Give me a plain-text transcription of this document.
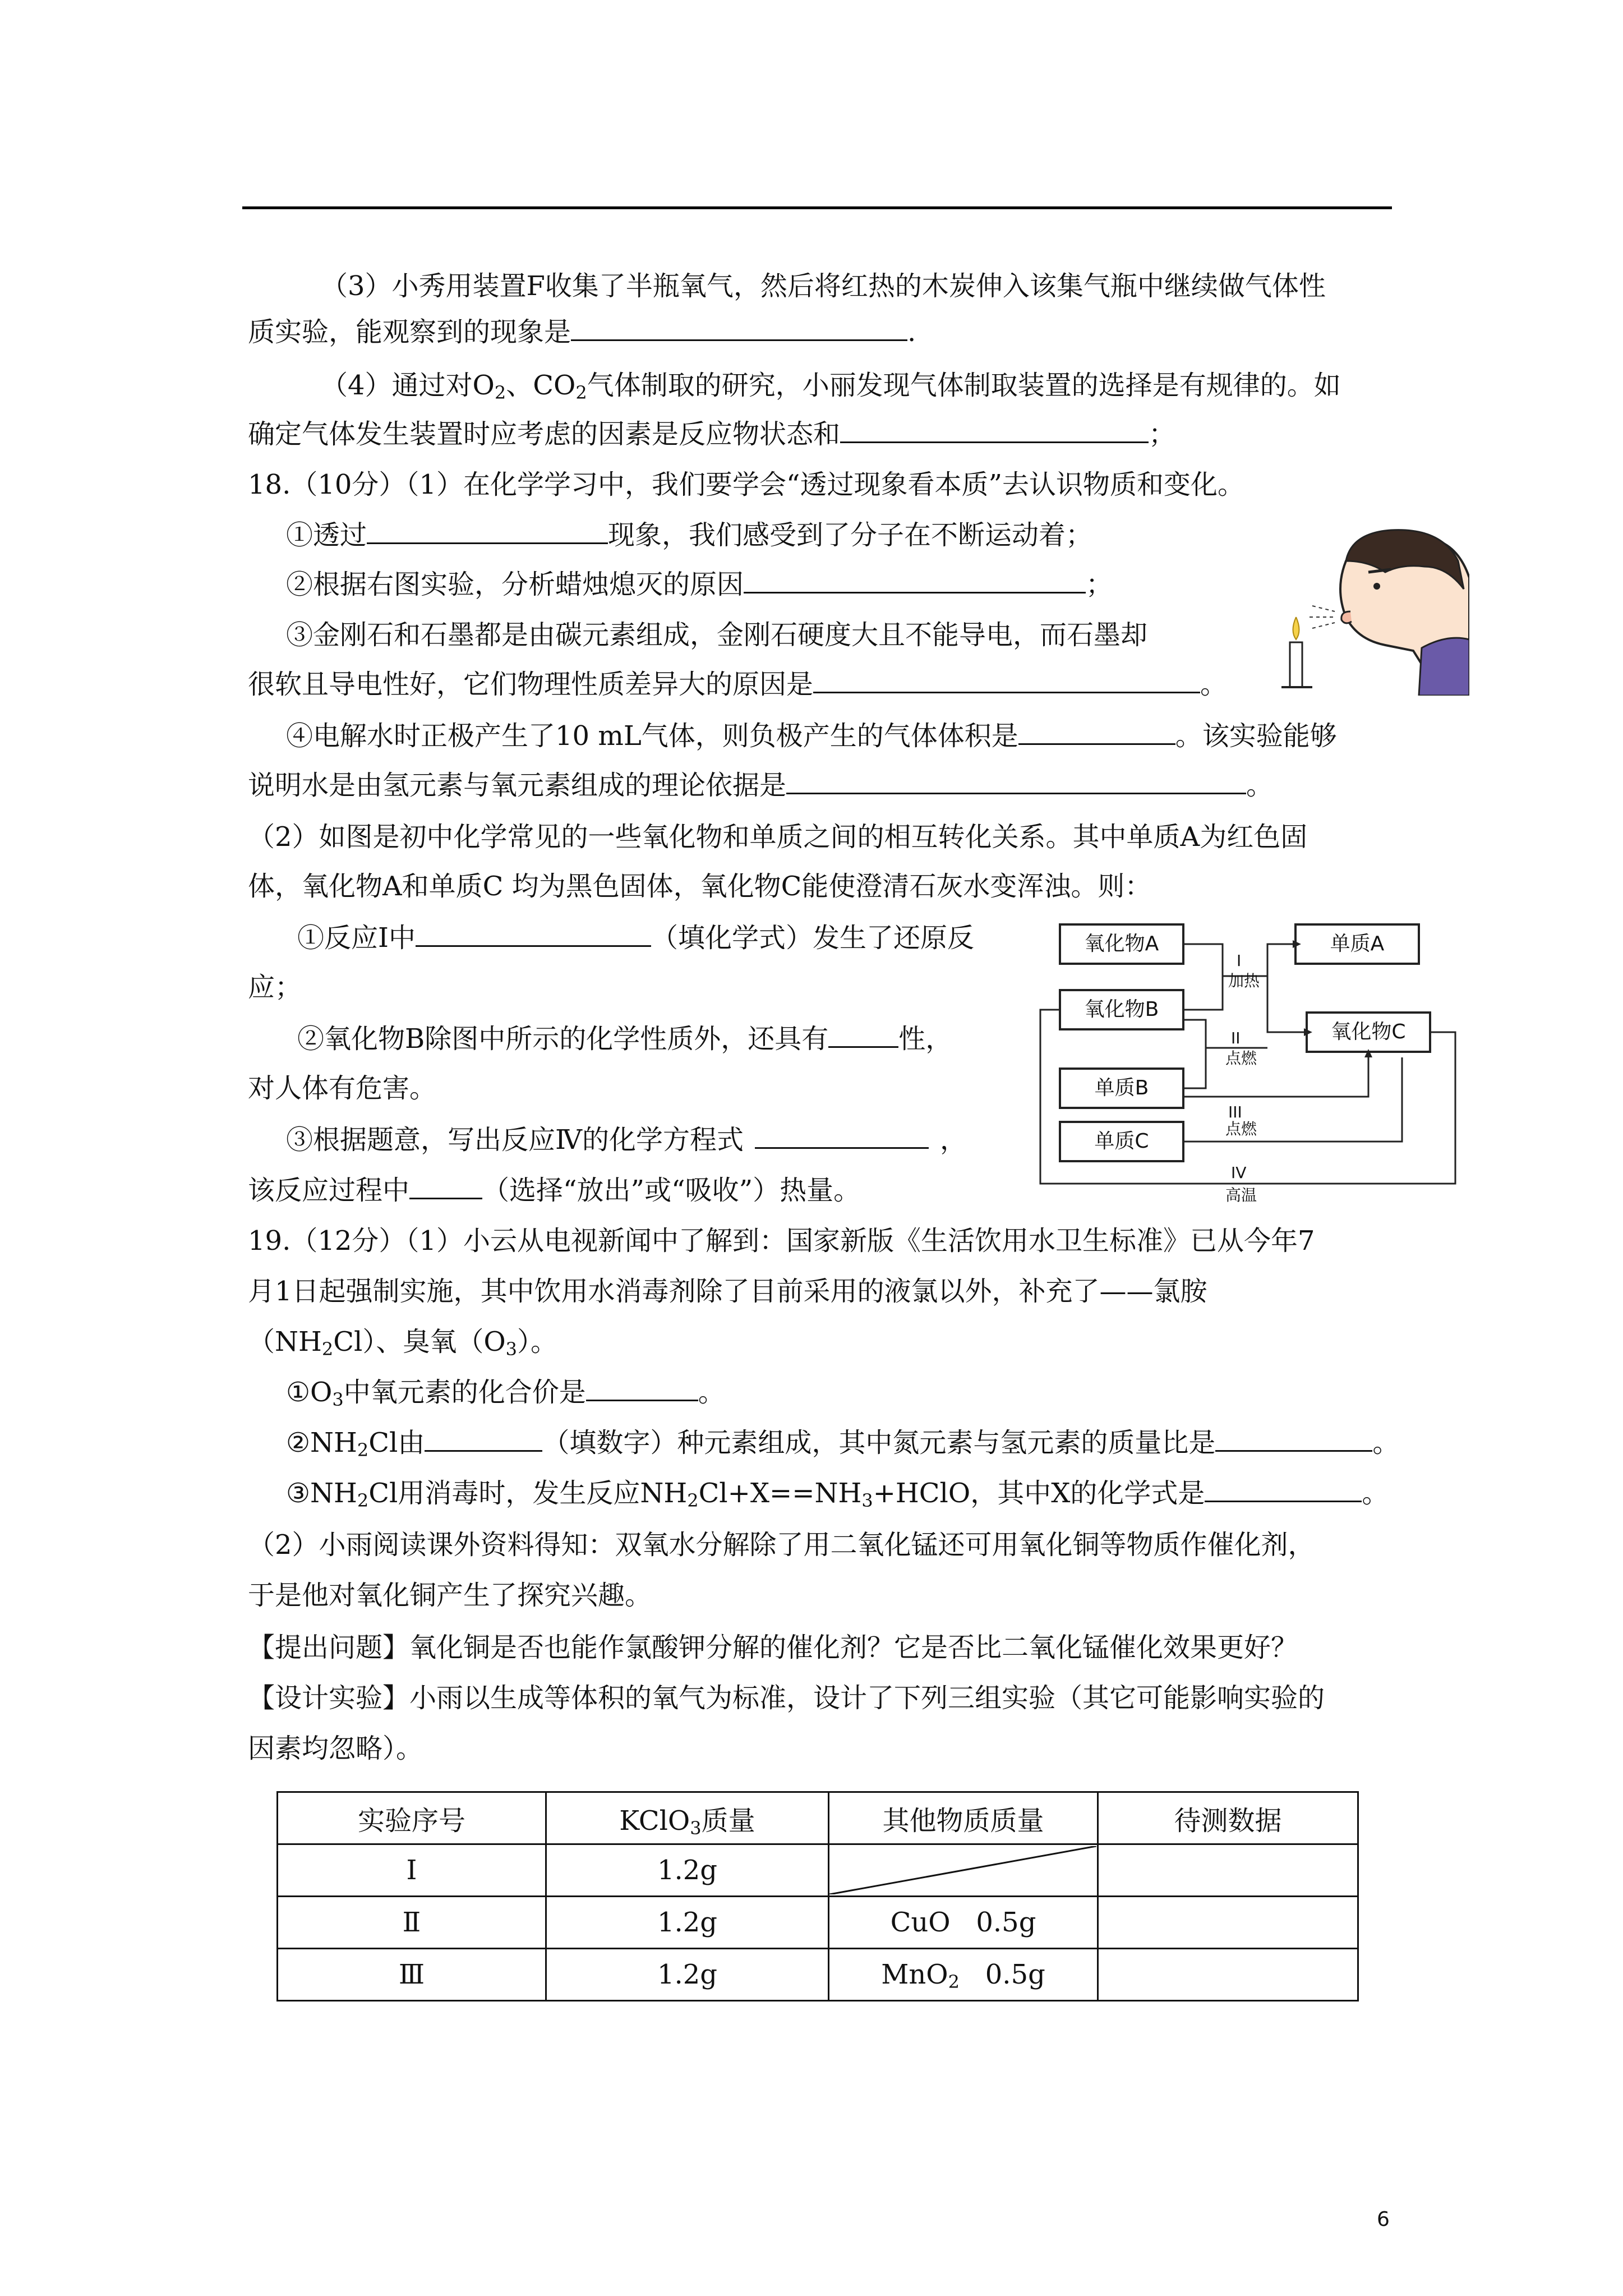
（3）小秀用装置F收集了半瓶氧气，然后将红热的木炭伸入该集气瓶中继续做气体性
质实验，能观察到的现象是	.
（4）通过对$O_2$、$CO_2$气体制取的研究，小丽发现气体制取装置的选择是有规律的。如
确定气体发生装置时应考虑的因素是反应物状态和	；
18.（10分）（1）在化学学习中，我们要学会“透过现象看本质”去认识物质和变化。
①透过	现象，我们感受到了分子在不断运动着；
②根据右图实验，分析蜡烛熄灭的原因	；
③金刚石和石墨都是由碳元素组成，金刚石硬度大且不能导电，而石墨却
很软且导电性好，它们物理性质差异大的原因是	。
④电解水时正极产生了10 mL气体，则负极产生的气体体积是	。该实验能够
说明水是由氢元素与氧元素组成的理论依据是	。
（2）如图是初中化学常见的一些氧化物和单质之间的相互转化关系。其中单质A为红色固
体，氧化物A和单质C 均为黑色固体，氧化物C能使澄清石灰水变浑浊。则：
①反应Ⅰ中	（填化学式）发生了还原反
应；
②氧化物B除图中所示的化学性质外，还具有	性，
对人体有危害。
③根据题意，写出反应Ⅳ的化学方程式	，
该反应过程中	（选择“放出”或“吸收”）热量。
氧化物A	单质A
氧化物B
氧化物C
单质B
单质C
I
加热
II
点燃
III
点燃
IV
高温
19.（12分）（1）小云从电视新闻中了解到：国家新版《生活饮用水卫生标准》已从今年7
月1日起强制实施，其中饮用水消毒剂除了目前采用的液氯以外，补充了——氯胺
$(NH_2Cl)$、臭氧$(O_3)$。
$①O_3$中氧元素的化合价是	。
$②NH_2Cl$由	（填数字）种元素组成，其中氮元素与氢元素的质量比是	。
$③NH_2Cl$用消毒时，发生反应$NH_2Cl+X==NH_3+HClO$，其中X的化学式是	。
（2）小雨阅读课外资料得知：双氧水分解除了用二氧化锰还可用氧化铜等物质作催化剂，
于是他对氧化铜产生了探究兴趣。
【提出问题】氧化铜是否也能作氯酸钾分解的催化剂？它是否比二氧化锰催化效果更好？
【设计实验】小雨以生成等体积的氧气为标准，设计了下列三组实验（其它可能影响实验的
因素均忽略）。
实验序号	KClO$_3$质量	其他物质质量	待测数据
Ⅰ	1.2g	

Ⅱ	1.2g	CuO 0.5g	
Ⅲ	1.2g	MnO$_2$ 0.5g	
6
